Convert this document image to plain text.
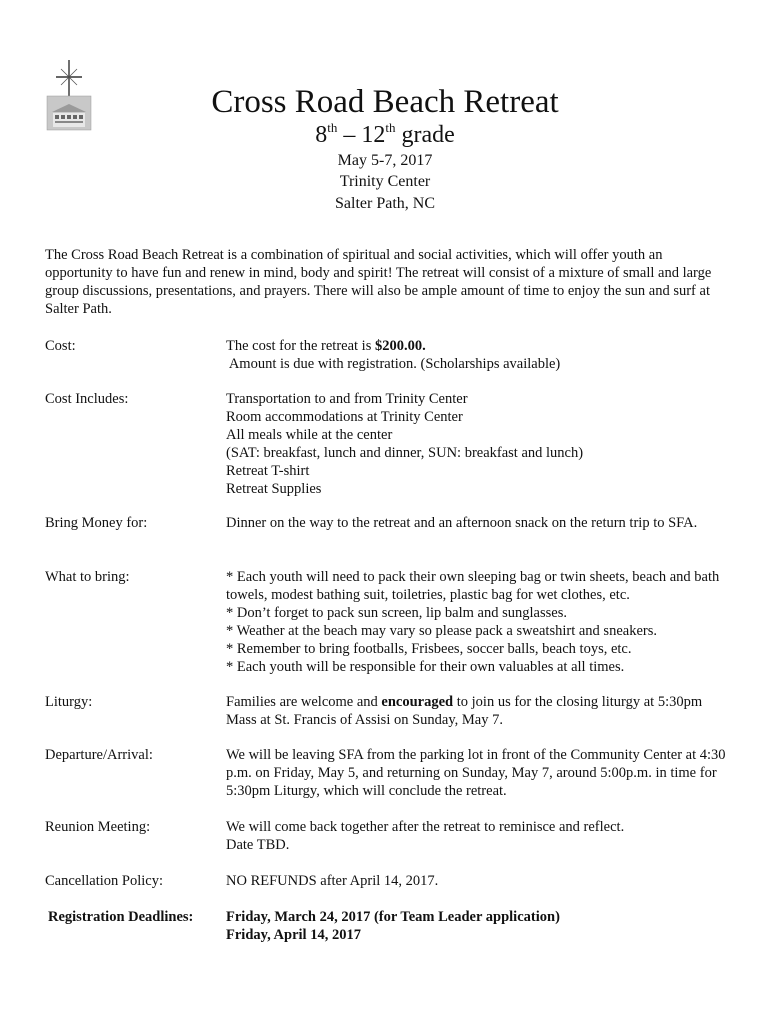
Cross Road Beach Retreat
8th – 12th grade
May 5-7, 2017
Trinity Center
Salter Path, NC

The Cross Road Beach Retreat is a combination of spiritual and social activities, which will offer youth an opportunity to have fun and renew in mind, body and spirit! The retreat will consist of a mixture of small and large group discussions, presentations, and prayers. There will also be ample amount of time to enjoy the sun and surf at Salter Path.

Cost:	The cost for the retreat is $200.00.
Amount is due with registration. (Scholarships available)
Cost Includes:	Transportation to and from Trinity Center
Room accommodations at Trinity Center
All meals while at the center
(SAT: breakfast, lunch and dinner, SUN: breakfast and lunch)
Retreat T-shirt
Retreat Supplies
Bring Money for:	Dinner on the way to the retreat and an afternoon snack on the return trip to SFA.
What to bring:	* Each youth will need to pack their own sleeping bag or twin sheets, beach and bath towels, modest bathing suit, toiletries, plastic bag for wet clothes, etc.
* Don’t forget to pack sun screen, lip balm and sunglasses.
* Weather at the beach may vary so please pack a sweatshirt and sneakers.
* Remember to bring footballs, Frisbees, soccer balls, beach toys, etc.
* Each youth will be responsible for their own valuables at all times.
Liturgy:	Families are welcome and encouraged to join us for the closing liturgy at 5:30pm Mass at St. Francis of Assisi on Sunday, May 7.
Departure/Arrival:	We will be leaving SFA from the parking lot in front of the Community Center at 4:30 p.m. on Friday, May 5, and returning on Sunday, May 7, around 5:00p.m. in time for 5:30pm Liturgy, which will conclude the retreat.
Reunion Meeting:	We will come back together after the retreat to reminisce and reflect.
Date TBD.
Cancellation Policy:	NO REFUNDS after April 14, 2017.
Registration Deadlines:	Friday, March 24, 2017 (for Team Leader application)
Friday, April 14, 2017
